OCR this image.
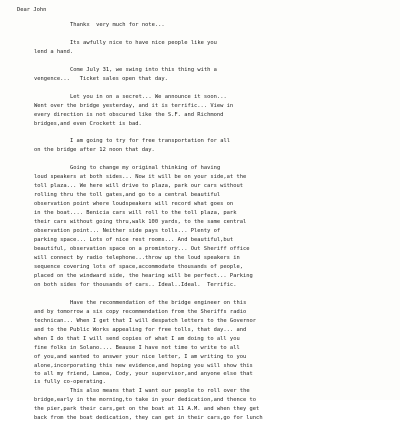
Dear John

Thankx  very much for note...

Its awfully nice to have nice people like you

lend a hand.

Come July 31, we swing into this thing with a

vengence...   Ticket sales open that day.

Let you in on a secret... We announce it soon...

Went over the bridge yesterday, and it is terrific... View in

every direction is not obscured like the S.F. and Richmond

bridges,and even Crockett is bad.

I am going to try for free transportation for all

on the bridge after 12 noon that day.

Going to change my original thinking of having

loud speakers at both sides... Now it will be on your side,at the

toll plaza... We here will drive to plaza, park our cars without

rolling thru the toll gates,and go to a central beautiful

observation point where loudspeakers will record what goes on

in the boat.... Benicia cars will roll to the toll plaza, park

their cars without going thru,walk 100 yards, to the same central

observation point... Neither side pays tolls... Plenty of

parking space... Lots of nice rest rooms... And beautiful,but

beautiful, observation space on a promintory... Out Sheriff office

will connect by radio telephone...throw up the loud speakers in

sequence covering lots of space,accommodate thousands of people,

placed on the windward side, the hearing will be perfect... Parking

on both sides for thousands of cars.. Ideal..Ideal.  Terrific.

Have the recommendation of the bridge engineer on this

and by tomorrow a six copy recommendation from the Sheriffs radio

technican... When I get that I will despatch letters to the Governor

and to the Public Works appealing for free tolls, that day... and

when I do that I will send copies of what I am doing to all you

fine folks in Solano.... Beause I have not time to write to all

of you,and wanted to answer your nice letter, I am writing to you

alone,incorporating this new evidence,and hoping you will show this

to all my friend, Lamoa, Cody, your supervisor,and anyone else that

is fully co-operating.

This also means that I want our people to roll over the
bridge,early in the morning,to take in your dedication,and thence to
the pier,park their cars,get on the boat at 11 A.M. and when they get
back from the boat dedication, they can get in their cars,go for lunch
